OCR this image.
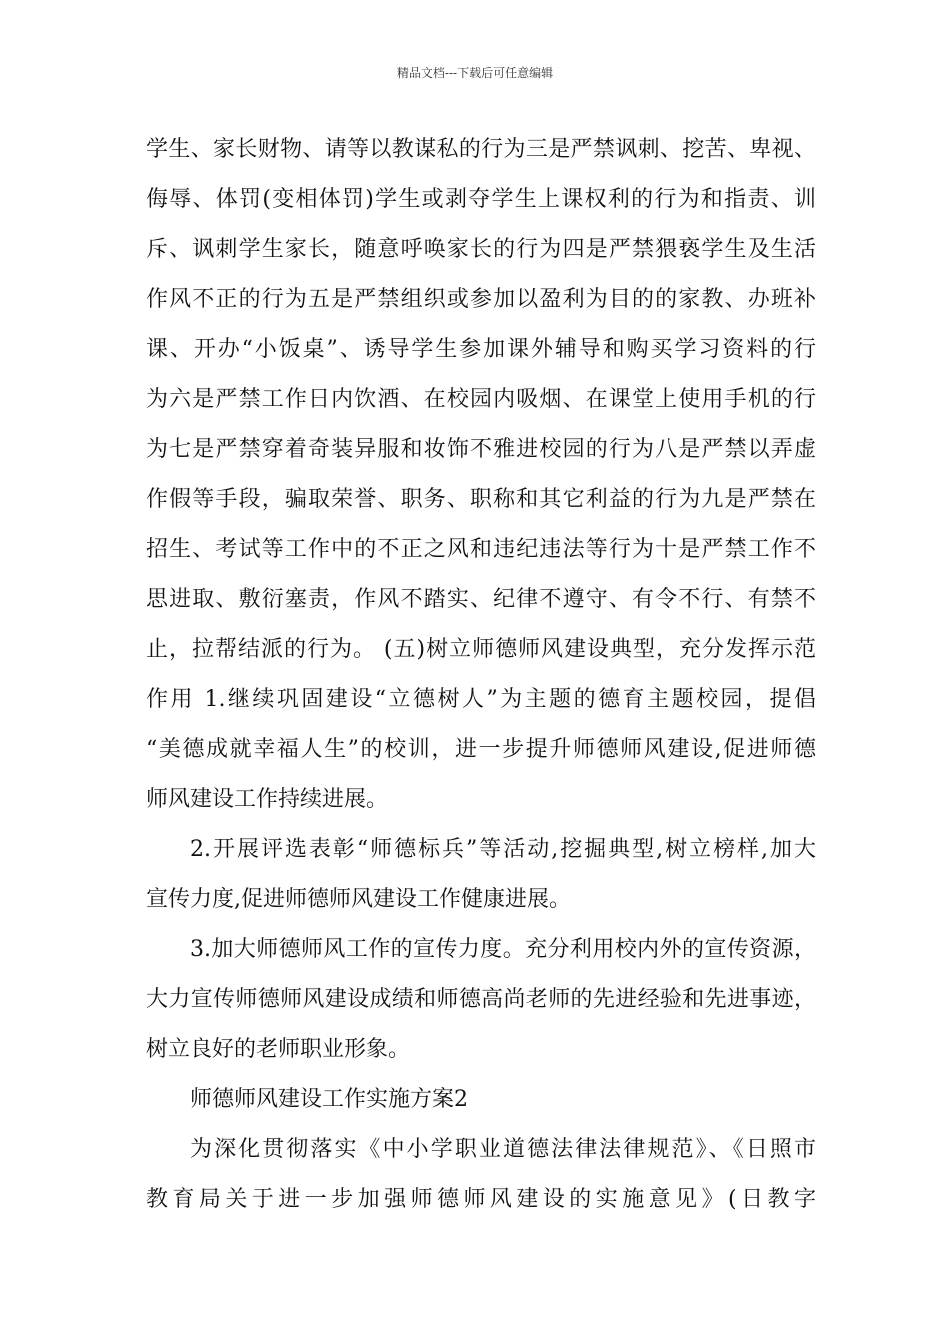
精品文档---下载后可任意编辑
学生、家长财物、请等以教谋私的行为三是严禁讽刺、挖苦、卑视、
侮辱、体罚(变相体罚)学生或剥夺学生上课权利的行为和指责、训
斥、讽刺学生家长，随意呼唤家长的行为四是严禁猥亵学生及生活
作风不正的行为五是严禁组织或参加以盈利为目的的家教、办班补
课、开办“小饭桌”、诱导学生参加课外辅导和购买学习资料的行
为六是严禁工作日内饮酒、在校园内吸烟、在课堂上使用手机的行
为七是严禁穿着奇装异服和妆饰不雅进校园的行为八是严禁以弄虚
作假等手段，骗取荣誉、职务、职称和其它利益的行为九是严禁在
招生、考试等工作中的不正之风和违纪违法等行为十是严禁工作不
思进取、敷衍塞责，作风不踏实、纪律不遵守、有令不行、有禁不
止，拉帮结派的行为。 (五)树立师德师风建设典型，充分发挥示范
作用 1.继续巩固建设“立德树人”为主题的德育主题校园，提倡
“美德成就幸福人生”的校训，进一步提升师德师风建设,促进师德
师风建设工作持续进展。
2.开展评选表彰“师德标兵”等活动,挖掘典型,树立榜样,加大
宣传力度,促进师德师风建设工作健康进展。
3.加大师德师风工作的宣传力度。充分利用校内外的宣传资源，
大力宣传师德师风建设成绩和师德高尚老师的先进经验和先进事迹，
树立良好的老师职业形象。
师德师风建设工作实施方案2
为深化贯彻落实《中小学职业道德法律法律规范》、《日照市
教育局关于进一步加强师德师风建设的实施意见》(日教字
